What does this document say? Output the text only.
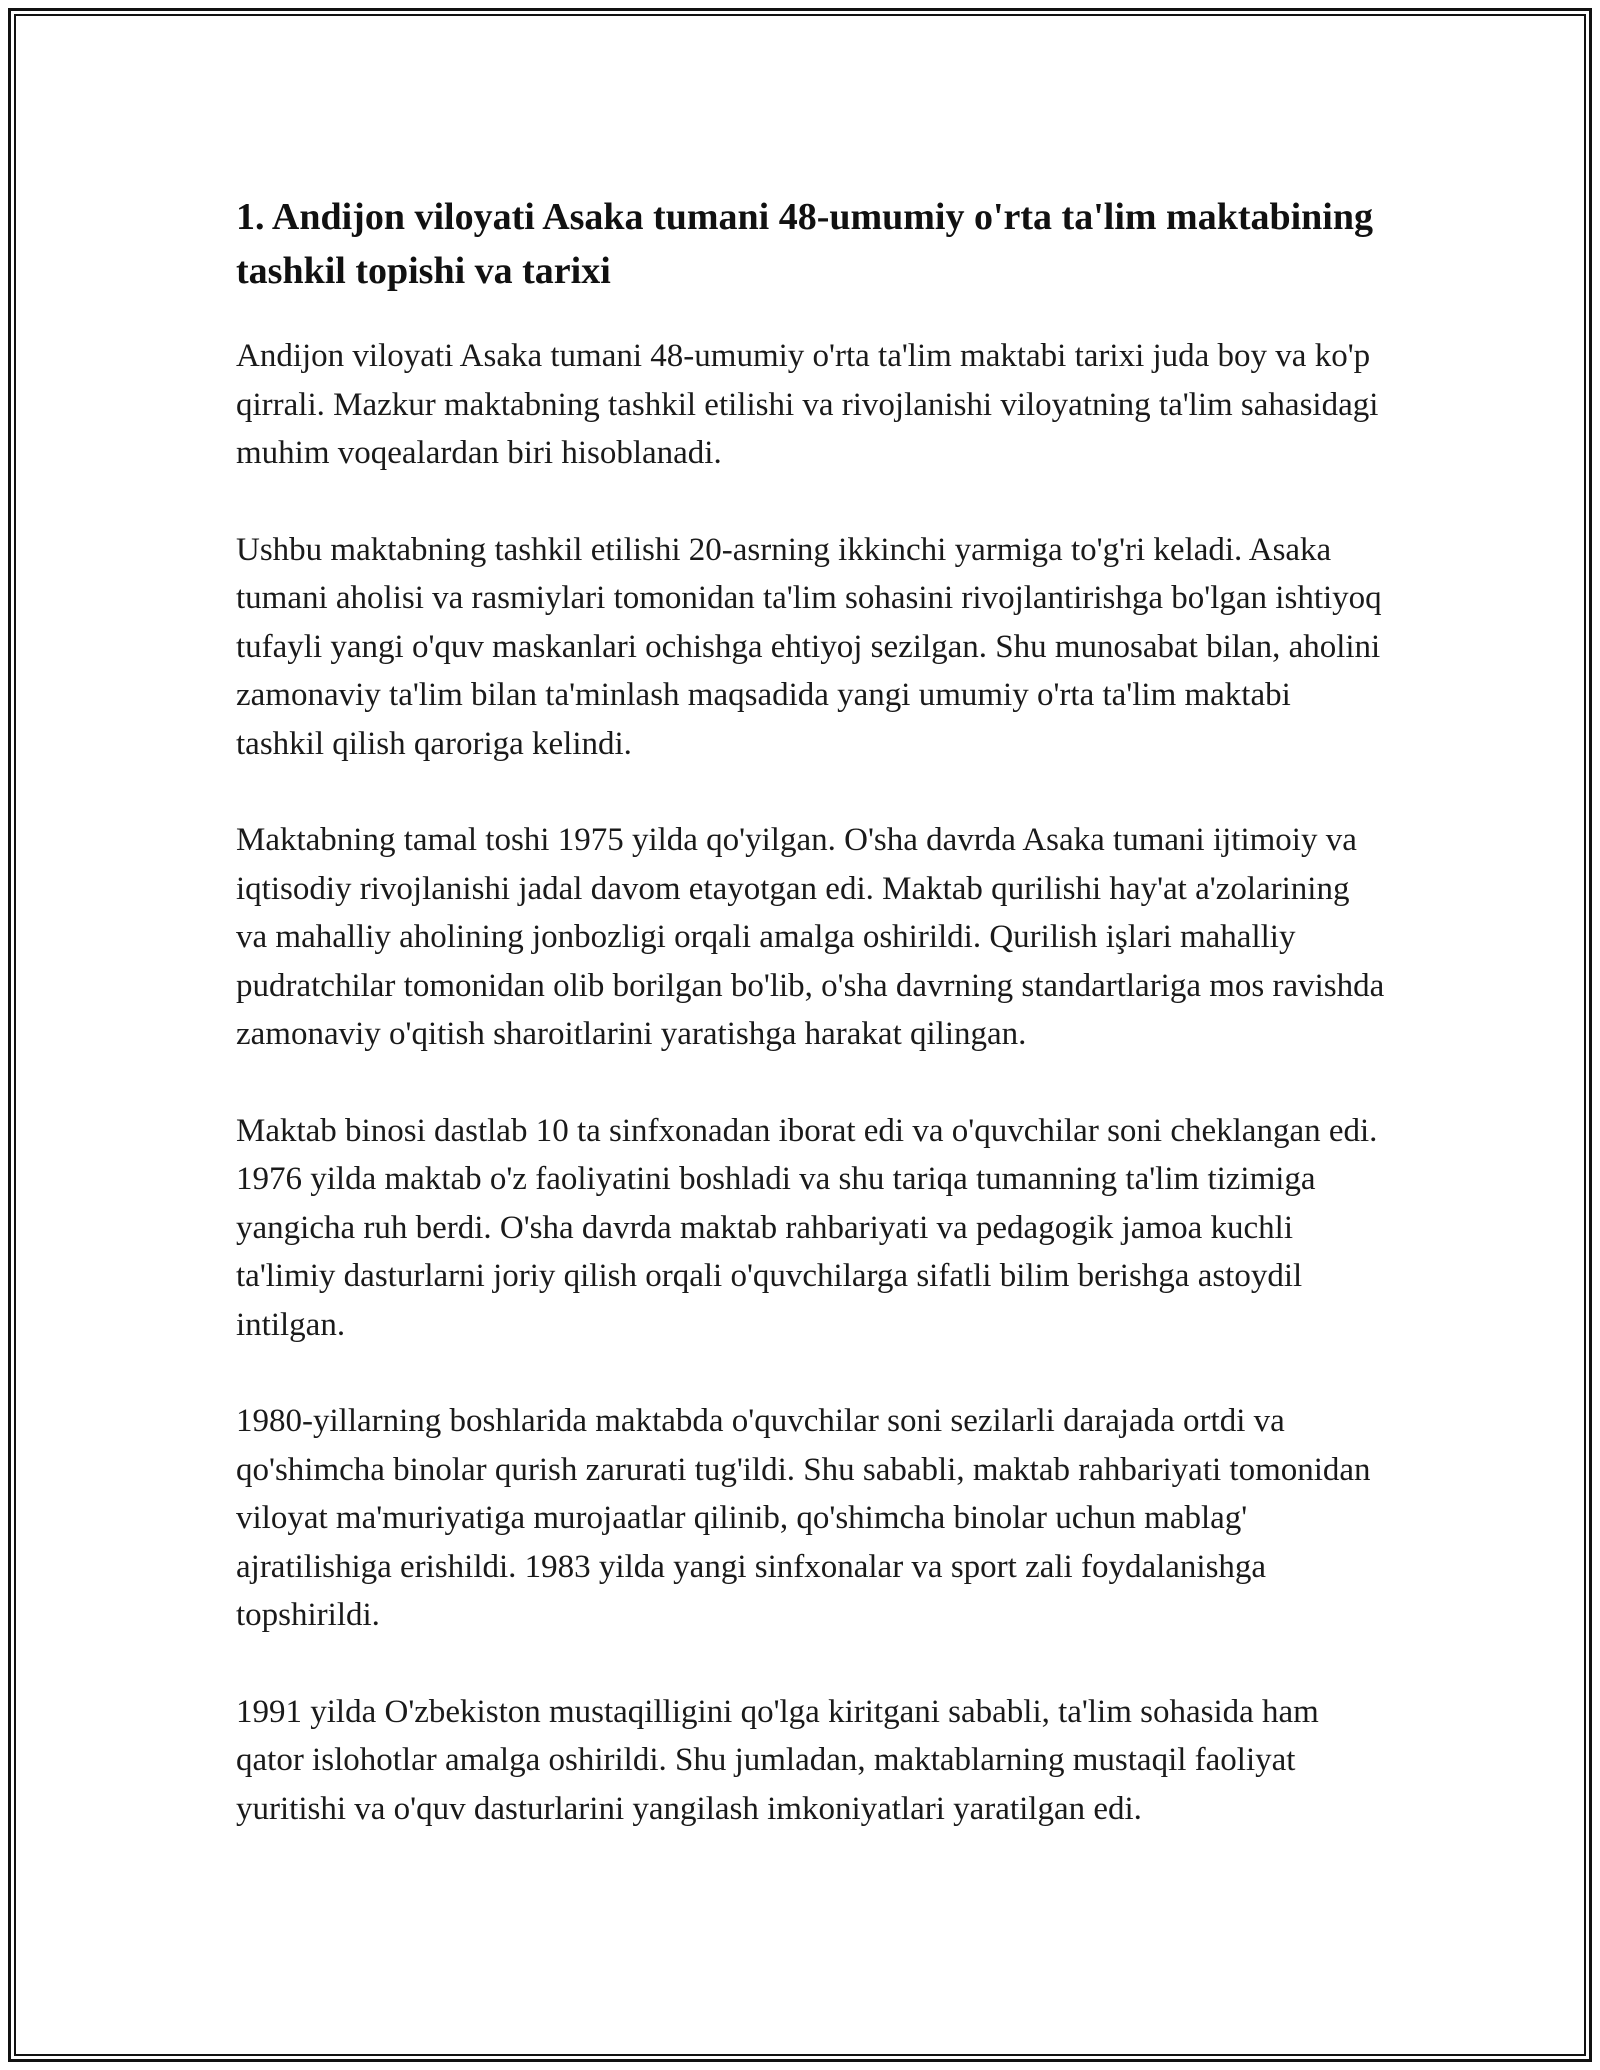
1. Andijon viloyati Asaka tumani 48-umumiy o'rta ta'lim maktabining tashkil topishi va tarixi

Andijon viloyati Asaka tumani 48-umumiy o'rta ta'lim maktabi tarixi juda boy va ko'p qirrali. Mazkur maktabning tashkil etilishi va rivojlanishi viloyatning ta'lim sahasidagi muhim voqealardan biri hisoblanadi.

Ushbu maktabning tashkil etilishi 20-asrning ikkinchi yarmiga to'g'ri keladi. Asaka tumani aholisi va rasmiylari tomonidan ta'lim sohasini rivojlantirishga bo'lgan ishtiyoq tufayli yangi o'quv maskanlari ochishga ehtiyoj sezilgan. Shu munosabat bilan, aholini zamonaviy ta'lim bilan ta'minlash maqsadida yangi umumiy o'rta ta'lim maktabi tashkil qilish qaroriga kelindi.

Maktabning tamal toshi 1975 yilda qo'yilgan. O'sha davrda Asaka tumani ijtimoiy va iqtisodiy rivojlanishi jadal davom etayotgan edi. Maktab qurilishi hay'at a'zolarining va mahalliy aholining jonbozligi orqali amalga oshirildi. Qurilish işlari mahalliy pudratchilar tomonidan olib borilgan bo'lib, o'sha davrning standartlariga mos ravishda zamonaviy o'qitish sharoitlarini yaratishga harakat qilingan.

Maktab binosi dastlab 10 ta sinfxonadan iborat edi va o'quvchilar soni cheklangan edi. 1976 yilda maktab o'z faoliyatini boshladi va shu tariqa tumanning ta'lim tizimiga yangicha ruh berdi. O'sha davrda maktab rahbariyati va pedagogik jamoa kuchli ta'limiy dasturlarni joriy qilish orqali o'quvchilarga sifatli bilim berishga astoydil intilgan.

1980-yillarning boshlarida maktabda o'quvchilar soni sezilarli darajada ortdi va qo'shimcha binolar qurish zarurati tug'ildi. Shu sababli, maktab rahbariyati tomonidan viloyat ma'muriyatiga murojaatlar qilinib, qo'shimcha binolar uchun mablag' ajratilishiga erishildi. 1983 yilda yangi sinfxonalar va sport zali foydalanishga topshirildi.

1991 yilda O'zbekiston mustaqilligini qo'lga kiritgani sababli, ta'lim sohasida ham qator islohotlar amalga oshirildi. Shu jumladan, maktablarning mustaqil faoliyat yuritishi va o'quv dasturlarini yangilash imkoniyatlari yaratilgan edi.
